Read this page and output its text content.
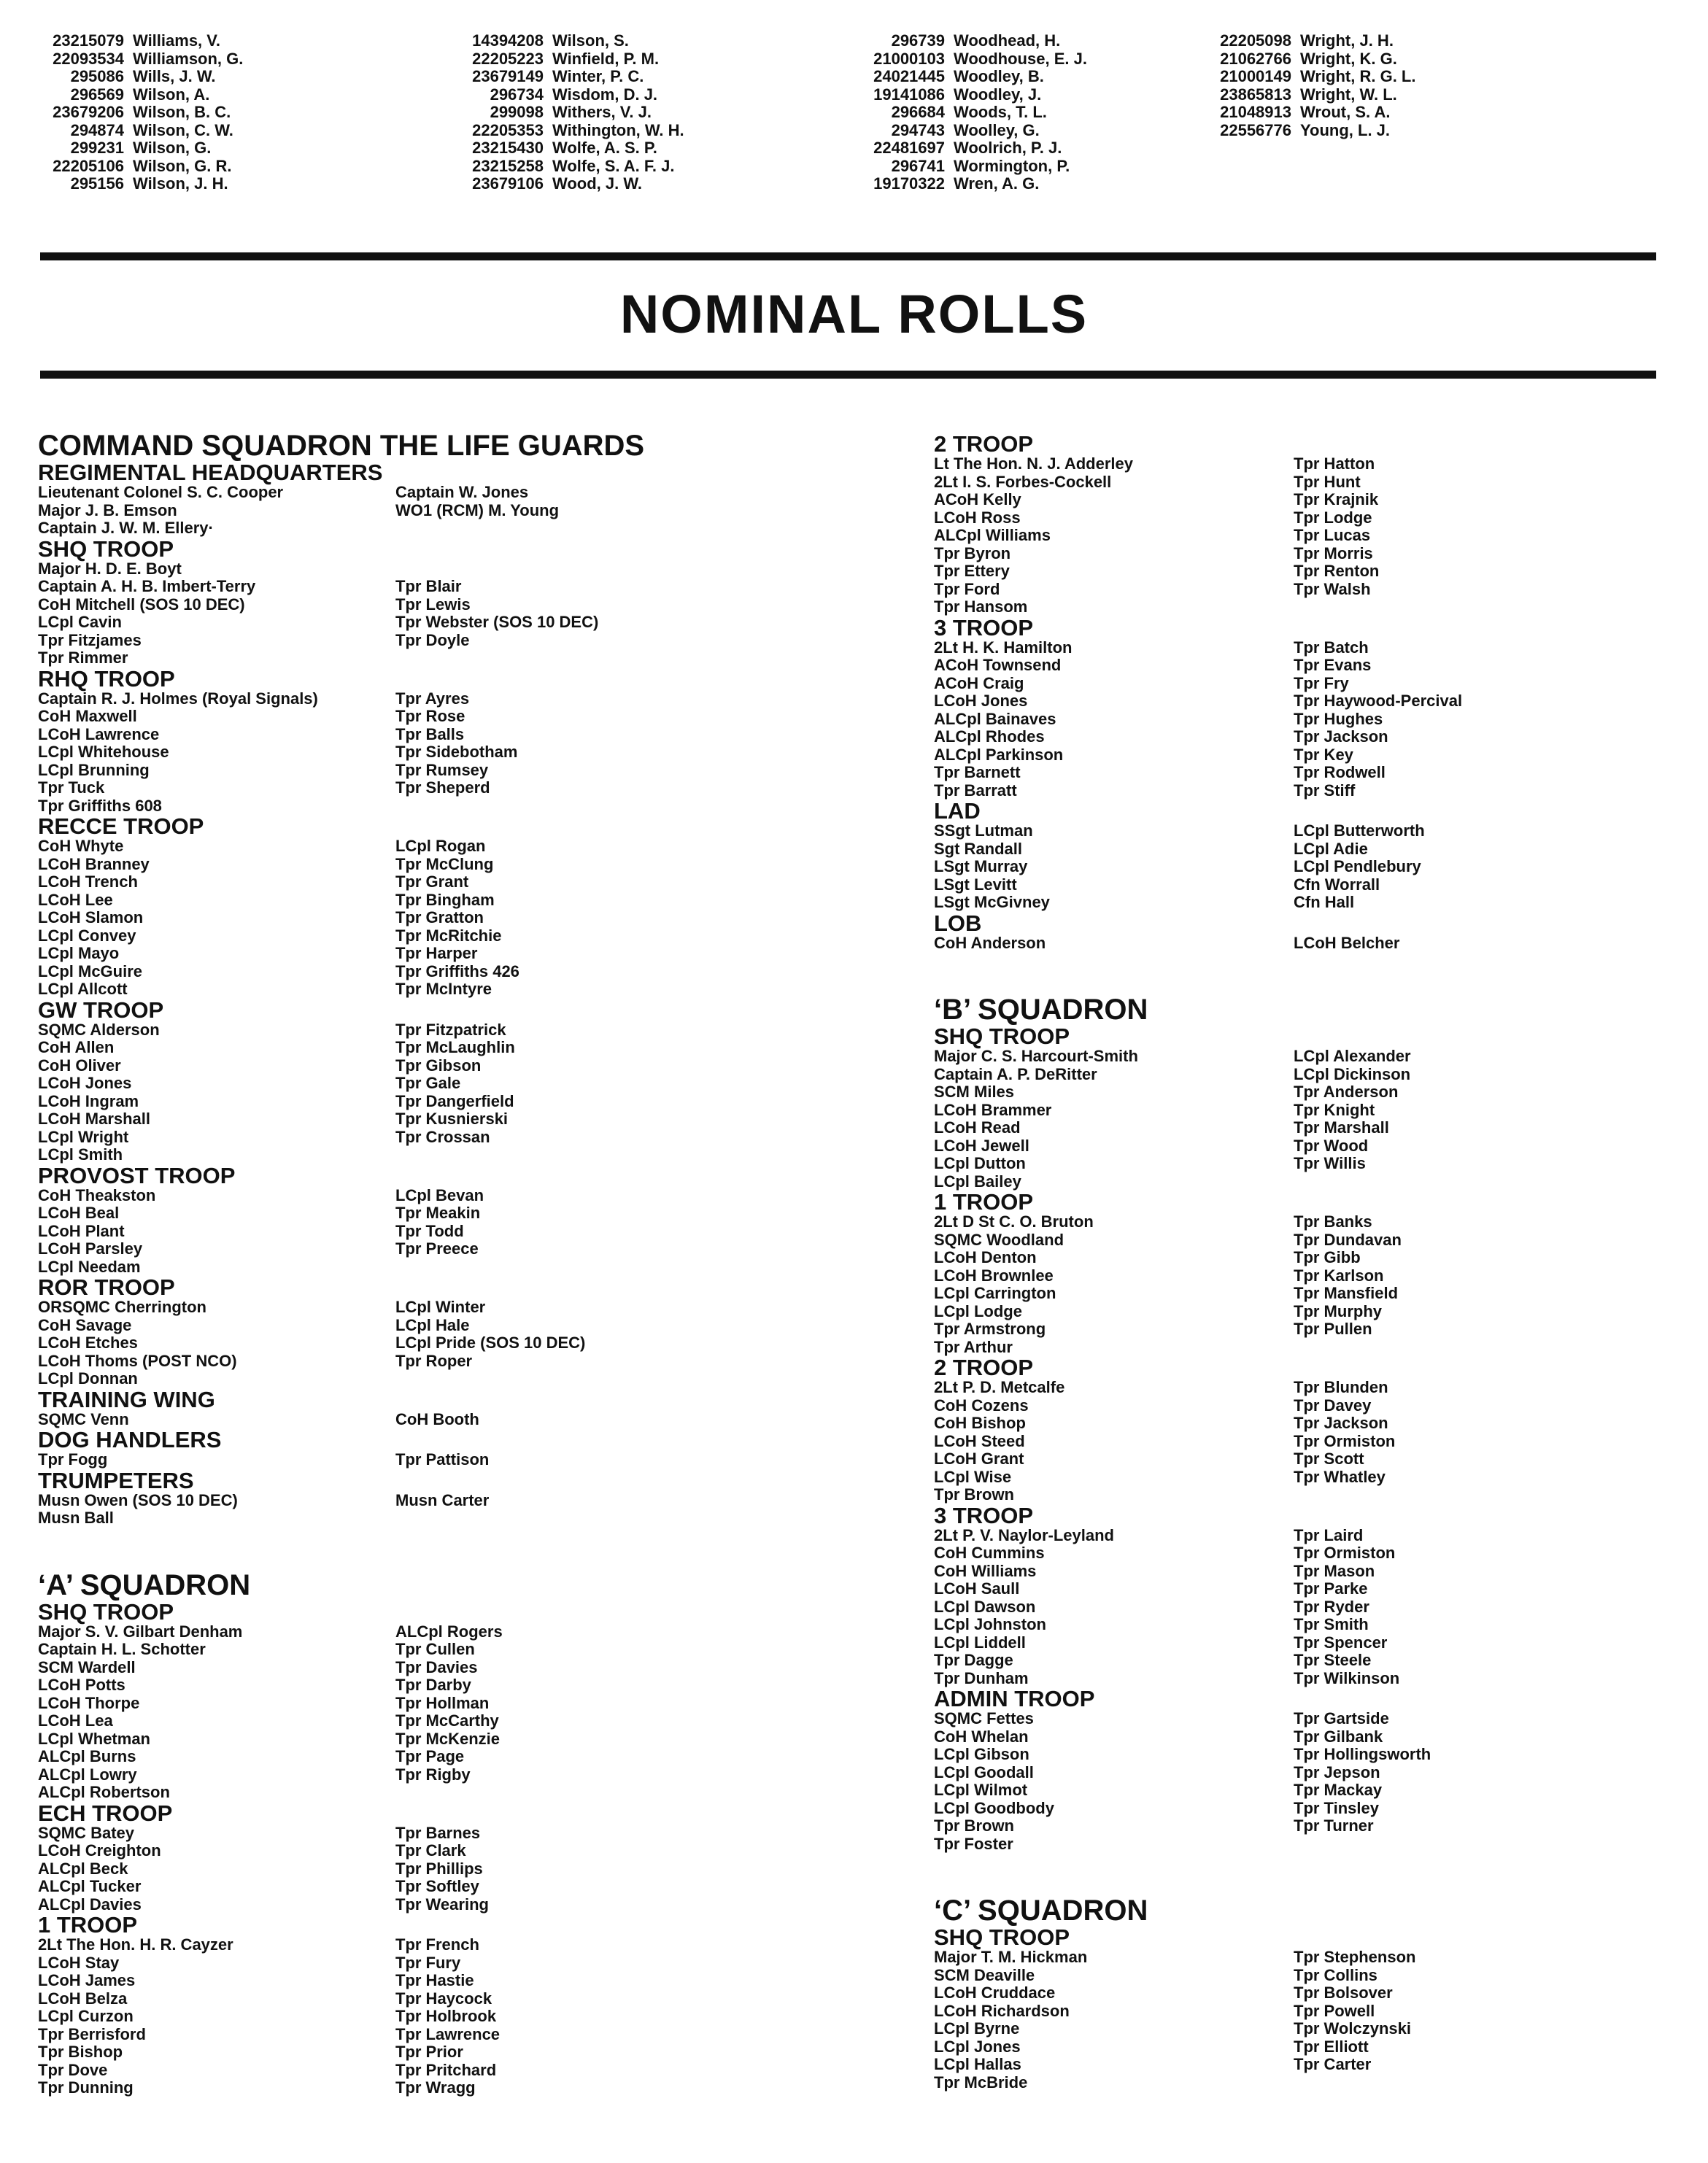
23215079 Williams, V.
22093534 Williamson, G.
295086 Wills, J. W.
296569 Wilson, A.
23679206 Wilson, B. C.
294874 Wilson, C. W.
299231 Wilson, G.
22205106 Wilson, G. R.
295156 Wilson, J. H.
14394208 Wilson, S.
22205223 Winfield, P. M.
23679149 Winter, P. C.
296734 Wisdom, D. J.
299098 Withers, V. J.
22205353 Withington, W. H.
23215430 Wolfe, A. S. P.
23215258 Wolfe, S. A. F. J.
23679106 Wood, J. W.
296739 Woodhead, H.
21000103 Woodhouse, E. J.
24021445 Woodley, B.
19141086 Woodley, J.
296684 Woods, T. L.
294743 Woolley, G.
22481697 Woolrich, P. J.
296741 Wormington, P.
19170322 Wren, A. G.
22205098 Wright, J. H.
21062766 Wright, K. G.
21000149 Wright, R. G. L.
23865813 Wright, W. L.
21048913 Wrout, S. A.
22556776 Young, L. J.
NOMINAL ROLLS
COMMAND SQUADRON THE LIFE GUARDS
REGIMENTAL HEADQUARTERS
Lieutenant Colonel S. C. Cooper	Captain W. Jones
Major J. B. Emson	WO1 (RCM) M. Young
Captain J. W. M. Ellery·
SHQ TROOP
Major H. D. E. Boyt
Captain A. H. B. Imbert-Terry	Tpr Blair
CoH Mitchell (SOS 10 DEC)	Tpr Lewis
LCpl Cavin	Tpr Webster (SOS 10 DEC)
Tpr Fitzjames	Tpr Doyle
Tpr Rimmer
RHQ TROOP
Captain R. J. Holmes (Royal Signals)	Tpr Ayres
CoH Maxwell	Tpr Rose
LCoH Lawrence	Tpr Balls
LCpl Whitehouse	Tpr Sidebotham
LCpl Brunning	Tpr Rumsey
Tpr Tuck	Tpr Sheperd
Tpr Griffiths 608
RECCE TROOP
CoH Whyte	LCpl Rogan
LCoH Branney	Tpr McClung
LCoH Trench	Tpr Grant
LCoH Lee	Tpr Bingham
LCoH Slamon	Tpr Gratton
LCpl Convey	Tpr McRitchie
LCpl Mayo	Tpr Harper
LCpl McGuire	Tpr Griffiths 426
LCpl Allcott	Tpr McIntyre
GW TROOP
SQMC Alderson	Tpr Fitzpatrick
CoH Allen	Tpr McLaughlin
CoH Oliver	Tpr Gibson
LCoH Jones	Tpr Gale
LCoH Ingram	Tpr Dangerfield
LCoH Marshall	Tpr Kusnierski
LCpl Wright	Tpr Crossan
LCpl Smith
PROVOST TROOP
CoH Theakston	LCpl Bevan
LCoH Beal	Tpr Meakin
LCoH Plant	Tpr Todd
LCoH Parsley	Tpr Preece
LCpl Needam
ROR TROOP
ORSQMC Cherrington	LCpl Winter
CoH Savage	LCpl Hale
LCoH Etches	LCpl Pride (SOS 10 DEC)
LCoH Thoms (POST NCO)	Tpr Roper
LCpl Donnan
TRAINING WING
SQMC Venn	CoH Booth
DOG HANDLERS
Tpr Fogg	Tpr Pattison
TRUMPETERS
Musn Owen (SOS 10 DEC)	Musn Carter
Musn Ball
‘A’ SQUADRON
SHQ TROOP
Major S. V. Gilbart Denham	ALCpl Rogers
Captain H. L. Schotter	Tpr Cullen
SCM Wardell	Tpr Davies
LCoH Potts	Tpr Darby
LCoH Thorpe	Tpr Hollman
LCoH Lea	Tpr McCarthy
LCpl Whetman	Tpr McKenzie
ALCpl Burns	Tpr Page
ALCpl Lowry	Tpr Rigby
ALCpl Robertson
ECH TROOP
SQMC Batey	Tpr Barnes
LCoH Creighton	Tpr Clark
ALCpl Beck	Tpr Phillips
ALCpl Tucker	Tpr Softley
ALCpl Davies	Tpr Wearing
1 TROOP
2Lt The Hon. H. R. Cayzer	Tpr French
LCoH Stay	Tpr Fury
LCoH James	Tpr Hastie
LCoH Belza	Tpr Haycock
LCpl Curzon	Tpr Holbrook
Tpr Berrisford	Tpr Lawrence
Tpr Bishop	Tpr Prior
Tpr Dove	Tpr Pritchard
Tpr Dunning	Tpr Wragg
2 TROOP
Lt The Hon. N. J. Adderley	Tpr Hatton
2Lt I. S. Forbes-Cockell	Tpr Hunt
ACoH Kelly	Tpr Krajnik
LCoH Ross	Tpr Lodge
ALCpl Williams	Tpr Lucas
Tpr Byron	Tpr Morris
Tpr Ettery	Tpr Renton
Tpr Ford	Tpr Walsh
Tpr Hansom
3 TROOP
2Lt H. K. Hamilton	Tpr Batch
ACoH Townsend	Tpr Evans
ACoH Craig	Tpr Fry
LCoH Jones	Tpr Haywood-Percival
ALCpl Bainaves	Tpr Hughes
ALCpl Rhodes	Tpr Jackson
ALCpl Parkinson	Tpr Key
Tpr Barnett	Tpr Rodwell
Tpr Barratt	Tpr Stiff
LAD
SSgt Lutman	LCpl Butterworth
Sgt Randall	LCpl Adie
LSgt Murray	LCpl Pendlebury
LSgt Levitt	Cfn Worrall
LSgt McGivney	Cfn Hall
LOB
CoH Anderson	LCoH Belcher
‘B’ SQUADRON
SHQ TROOP
Major C. S. Harcourt-Smith	LCpl Alexander
Captain A. P. DeRitter	LCpl Dickinson
SCM Miles	Tpr Anderson
LCoH Brammer	Tpr Knight
LCoH Read	Tpr Marshall
LCoH Jewell	Tpr Wood
LCpl Dutton	Tpr Willis
LCpl Bailey
1 TROOP
2Lt D St C. O. Bruton	Tpr Banks
SQMC Woodland	Tpr Dundavan
LCoH Denton	Tpr Gibb
LCoH Brownlee	Tpr Karlson
LCpl Carrington	Tpr Mansfield
LCpl Lodge	Tpr Murphy
Tpr Armstrong	Tpr Pullen
Tpr Arthur
2 TROOP
2Lt P. D. Metcalfe	Tpr Blunden
CoH Cozens	Tpr Davey
CoH Bishop	Tpr Jackson
LCoH Steed	Tpr Ormiston
LCoH Grant	Tpr Scott
LCpl Wise	Tpr Whatley
Tpr Brown
3 TROOP
2Lt P. V. Naylor-Leyland	Tpr Laird
CoH Cummins	Tpr Ormiston
CoH Williams	Tpr Mason
LCoH Saull	Tpr Parke
LCpl Dawson	Tpr Ryder
LCpl Johnston	Tpr Smith
LCpl Liddell	Tpr Spencer
Tpr Dagge	Tpr Steele
Tpr Dunham	Tpr Wilkinson
ADMIN TROOP
SQMC Fettes	Tpr Gartside
CoH Whelan	Tpr Gilbank
LCpl Gibson	Tpr Hollingsworth
LCpl Goodall	Tpr Jepson
LCpl Wilmot	Tpr Mackay
LCpl Goodbody	Tpr Tinsley
Tpr Brown	Tpr Turner
Tpr Foster
‘C’ SQUADRON
SHQ TROOP
Major T. M. Hickman	Tpr Stephenson
SCM Deaville	Tpr Collins
LCoH Cruddace	Tpr Bolsover
LCoH Richardson	Tpr Powell
LCpl Byrne	Tpr Wolczynski
LCpl Jones	Tpr Elliott
LCpl Hallas	Tpr Carter
Tpr McBride
